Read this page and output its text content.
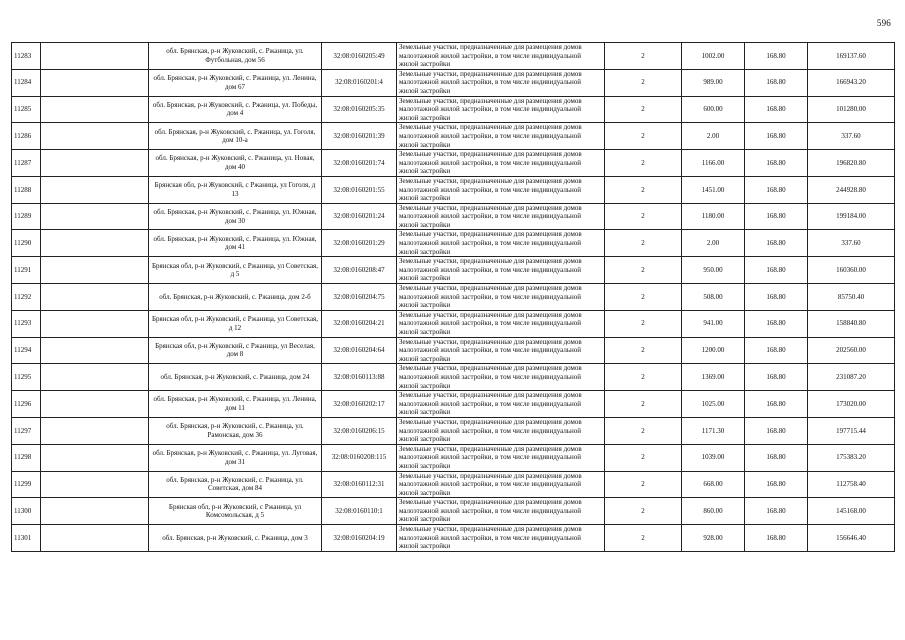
596
11283		обл. Брянская, р-н Жуковский, с. Ржаница, ул. Футбольная, дом 56	32:08:0160205:49	Земельные участки, предназначенные для размещения домов малоэтажной жилой застройки, в том числе индивидуальной жилой застройки	2	1002.00	168.80	169137.60
11284		обл. Брянская, р-н Жуковский, с. Ржаница, ул. Ленина, дом 67	32:08:0160201:4	Земельные участки, предназначенные для размещения домов малоэтажной жилой застройки, в том числе индивидуальной жилой застройки	2	989.00	168.80	166943.20
11285		обл. Брянская, р-н Жуковский, с. Ржаница, ул. Победы, дом 4	32:08:0160205:35	Земельные участки, предназначенные для размещения домов малоэтажной жилой застройки, в том числе индивидуальной жилой застройки	2	600.00	168.80	101280.00
11286		обл. Брянская, р-н Жуковский, с. Ржаница, ул. Гоголя, дом 10-а	32:08:0160201:39	Земельные участки, предназначенные для размещения домов малоэтажной жилой застройки, в том числе индивидуальной жилой застройки	2	2.00	168.80	337.60
11287		обл. Брянская, р-н Жуковский, с. Ржаница, ул. Новая, дом 40	32:08:0160201:74	Земельные участки, предназначенные для размещения домов малоэтажной жилой застройки, в том числе индивидуальной жилой застройки	2	1166.00	168.80	196820.80
11288		Брянская обл, р-н Жуковский, с Ржаница, ул Гоголя, д 13	32:08:0160201:55	Земельные участки, предназначенные для размещения домов малоэтажной жилой застройки, в том числе индивидуальной жилой застройки	2	1451.00	168.80	244928.80
11289		обл. Брянская, р-н Жуковский, с. Ржаница, ул. Южная, дом 30	32:08:0160201:24	Земельные участки, предназначенные для размещения домов малоэтажной жилой застройки, в том числе индивидуальной жилой застройки	2	1180.00	168.80	199184.00
11290		обл. Брянская, р-н Жуковский, с. Ржаница, ул. Южная, дом 41	32:08:0160201:29	Земельные участки, предназначенные для размещения домов малоэтажной жилой застройки, в том числе индивидуальной жилой застройки	2	2.00	168.80	337.60
11291		Брянская обл, р-н Жуковский, с Ржаница, ул Советская, д 5	32:08:0160208:47	Земельные участки, предназначенные для размещения домов малоэтажной жилой застройки, в том числе индивидуальной жилой застройки	2	950.00	168.80	160360.00
11292		обл. Брянская, р-н Жуковский, с. Ржаница, дом 2-б	32:08:0160204:75	Земельные участки, предназначенные для размещения домов малоэтажной жилой застройки, в том числе индивидуальной жилой застройки	2	508.00	168.80	85750.40
11293		Брянская обл, р-н Жуковский, с Ржаница, ул Советская, д 12	32:08:0160204:21	Земельные участки, предназначенные для размещения домов малоэтажной жилой застройки, в том числе индивидуальной жилой застройки	2	941.00	168.80	158840.80
11294		Брянская обл, р-н Жуковский, с Ржаница, ул Веселая, дом 8	32:08:0160204:64	Земельные участки, предназначенные для размещения домов малоэтажной жилой застройки, в том числе индивидуальной жилой застройки	2	1200.00	168.80	202560.00
11295		обл. Брянская, р-н Жуковский, с. Ржаница, дом 24	32:08:0160113:88	Земельные участки, предназначенные для размещения домов малоэтажной жилой застройки, в том числе индивидуальной жилой застройки	2	1369.00	168.80	231087.20
11296		обл. Брянская, р-н Жуковский, с. Ржаница, ул. Ленина, дом 11	32:08:0160202:17	Земельные участки, предназначенные для размещения домов малоэтажной жилой застройки, в том числе индивидуальной жилой застройки	2	1025.00	168.80	173020.00
11297		обл. Брянская, р-н Жуковский, с. Ржаница, ул. Рамонская, дом 36	32:08:0160206:15	Земельные участки, предназначенные для размещения домов малоэтажной жилой застройки, в том числе индивидуальной жилой застройки	2	1171.30	168.80	197715.44
11298		обл. Брянская, р-н Жуковский, с. Ржаница, ул. Луговая, дом 31	32:08:0160208:115	Земельные участки, предназначенные для размещения домов малоэтажной жилой застройки, в том числе индивидуальной жилой застройки	2	1039.00	168.80	175383.20
11299		обл. Брянская, р-н Жуковский, с. Ржаница, ул. Советская, дом 84	32:08:0160112:31	Земельные участки, предназначенные для размещения домов малоэтажной жилой застройки, в том числе индивидуальной жилой застройки	2	668.00	168.80	112758.40
11300		Брянская обл, р-н Жуковский, с Ржаница, ул Комсомольская, д 5	32:08:0160110:1	Земельные участки, предназначенные для размещения домов малоэтажной жилой застройки, в том числе индивидуальной жилой застройки	2	860.00	168.80	145168.00
11301		обл. Брянская, р-н Жуковский, с. Ржаница, дом 3	32:08:0160204:19	Земельные участки, предназначенные для размещения домов малоэтажной жилой застройки, в том числе индивидуальной жилой застройки	2	928.00	168.80	156646.40
